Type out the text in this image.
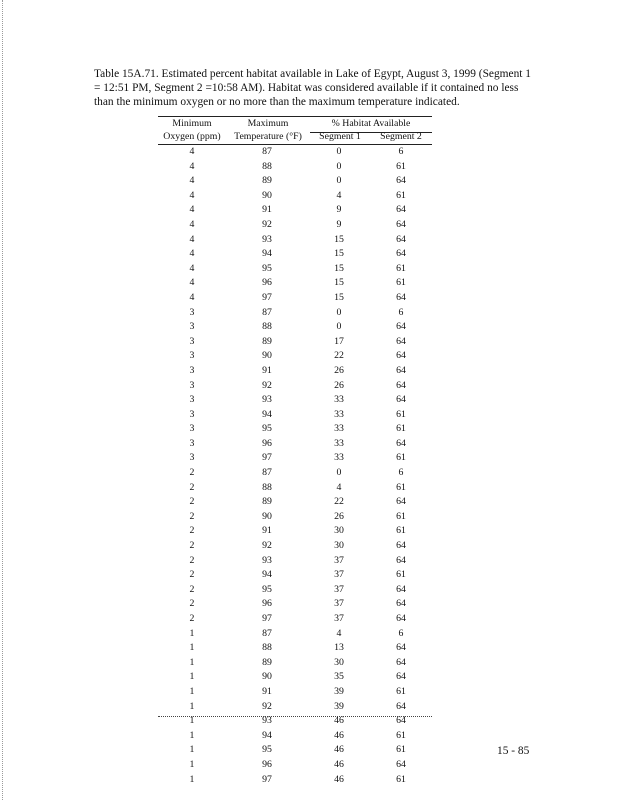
Table 15A.71. Estimated percent habitat available in Lake of Egypt, August 3, 1999 (Segment 1 = 12:51 PM, Segment 2 =10:58 AM). Habitat was considered available if it contained no less than the minimum oxygen or no more than the maximum temperature indicated.

Minimum
Oxygen (ppm)
Maximum
Temperature (°F)
% Habitat Available
Segment 1	Segment 2
4	87	0	6
4	88	0	61
4	89	0	64
4	90	4	61
4	91	9	64
4	92	9	64
4	93	15	64
4	94	15	64
4	95	15	61
4	96	15	61
4	97	15	64
3	87	0	6
3	88	0	64
3	89	17	64
3	90	22	64
3	91	26	64
3	92	26	64
3	93	33	64
3	94	33	61
3	95	33	61
3	96	33	64
3	97	33	61
2	87	0	6
2	88	4	61
2	89	22	64
2	90	26	61
2	91	30	61
2	92	30	64
2	93	37	64
2	94	37	61
2	95	37	64
2	96	37	64
2	97	37	64
1	87	4	6
1	88	13	64
1	89	30	64
1	90	35	64
1	91	39	61
1	92	39	64
1	93	46	64
1	94	46	61
1	95	46	61
1	96	46	64
1	97	46	61
15 - 85
